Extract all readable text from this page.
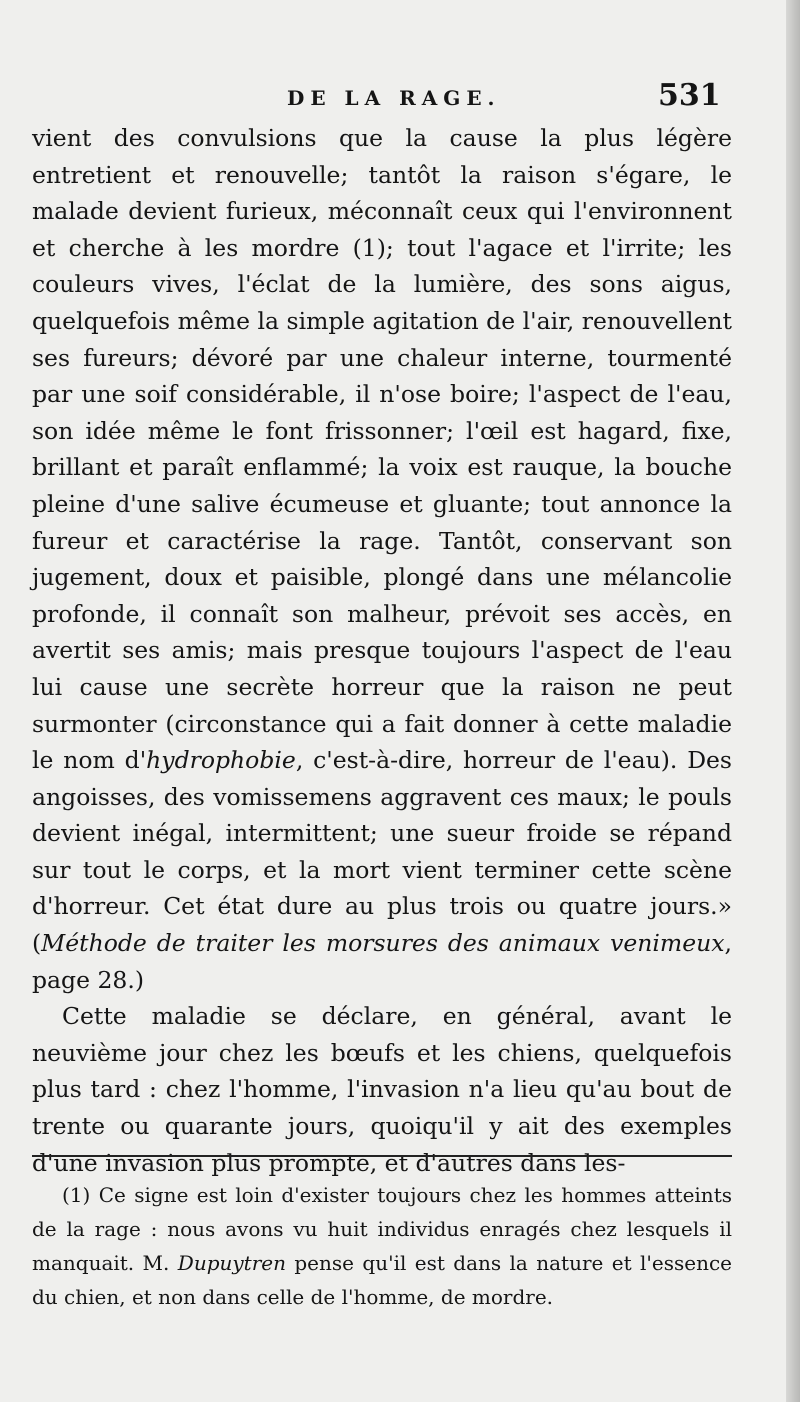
DE LA RAGE.	531

vient des convulsions que la cause la plus légère entretient et renouvelle; tantôt la raison s'égare, le malade devient furieux, méconnaît ceux qui l'environnent et cherche à les mordre (1); tout l'agace et l'irrite; les couleurs vives, l'éclat de la lumière, des sons aigus, quelquefois même la simple agitation de l'air, renouvellent ses fureurs; dévoré par une chaleur interne, tourmenté par une soif considérable, il n'ose boire; l'aspect de l'eau, son idée même le font frissonner; l'œil est hagard, fixe, brillant et paraît enflammé; la voix est rauque, la bouche pleine d'une salive écumeuse et gluante; tout annonce la fureur et caractérise la rage. Tantôt, conservant son jugement, doux et paisible, plongé dans une mélancolie profonde, il connaît son malheur, prévoit ses accès, en avertit ses amis; mais presque toujours l'aspect de l'eau lui cause une secrète horreur que la raison ne peut surmonter (circonstance qui a fait donner à cette maladie le nom d'hydrophobie, c'est-à-dire, horreur de l'eau). Des angoisses, des vomissemens aggravent ces maux; le pouls devient inégal, intermittent; une sueur froide se répand sur tout le corps, et la mort vient terminer cette scène d'horreur. Cet état dure au plus trois ou quatre jours.» (Méthode de traiter les morsures des animaux venimeux, page 28.)

Cette maladie se déclare, en général, avant le neuvième jour chez les bœufs et les chiens, quelquefois plus tard : chez l'homme, l'invasion n'a lieu qu'au bout de trente ou quarante jours, quoiqu'il y ait des exemples d'une invasion plus prompte, et d'autres dans les-

(1) Ce signe est loin d'exister toujours chez les hommes atteints de la rage : nous avons vu huit individus enragés chez lesquels il manquait. M. Dupuytren pense qu'il est dans la nature et l'essence du chien, et non dans celle de l'homme, de mordre.
